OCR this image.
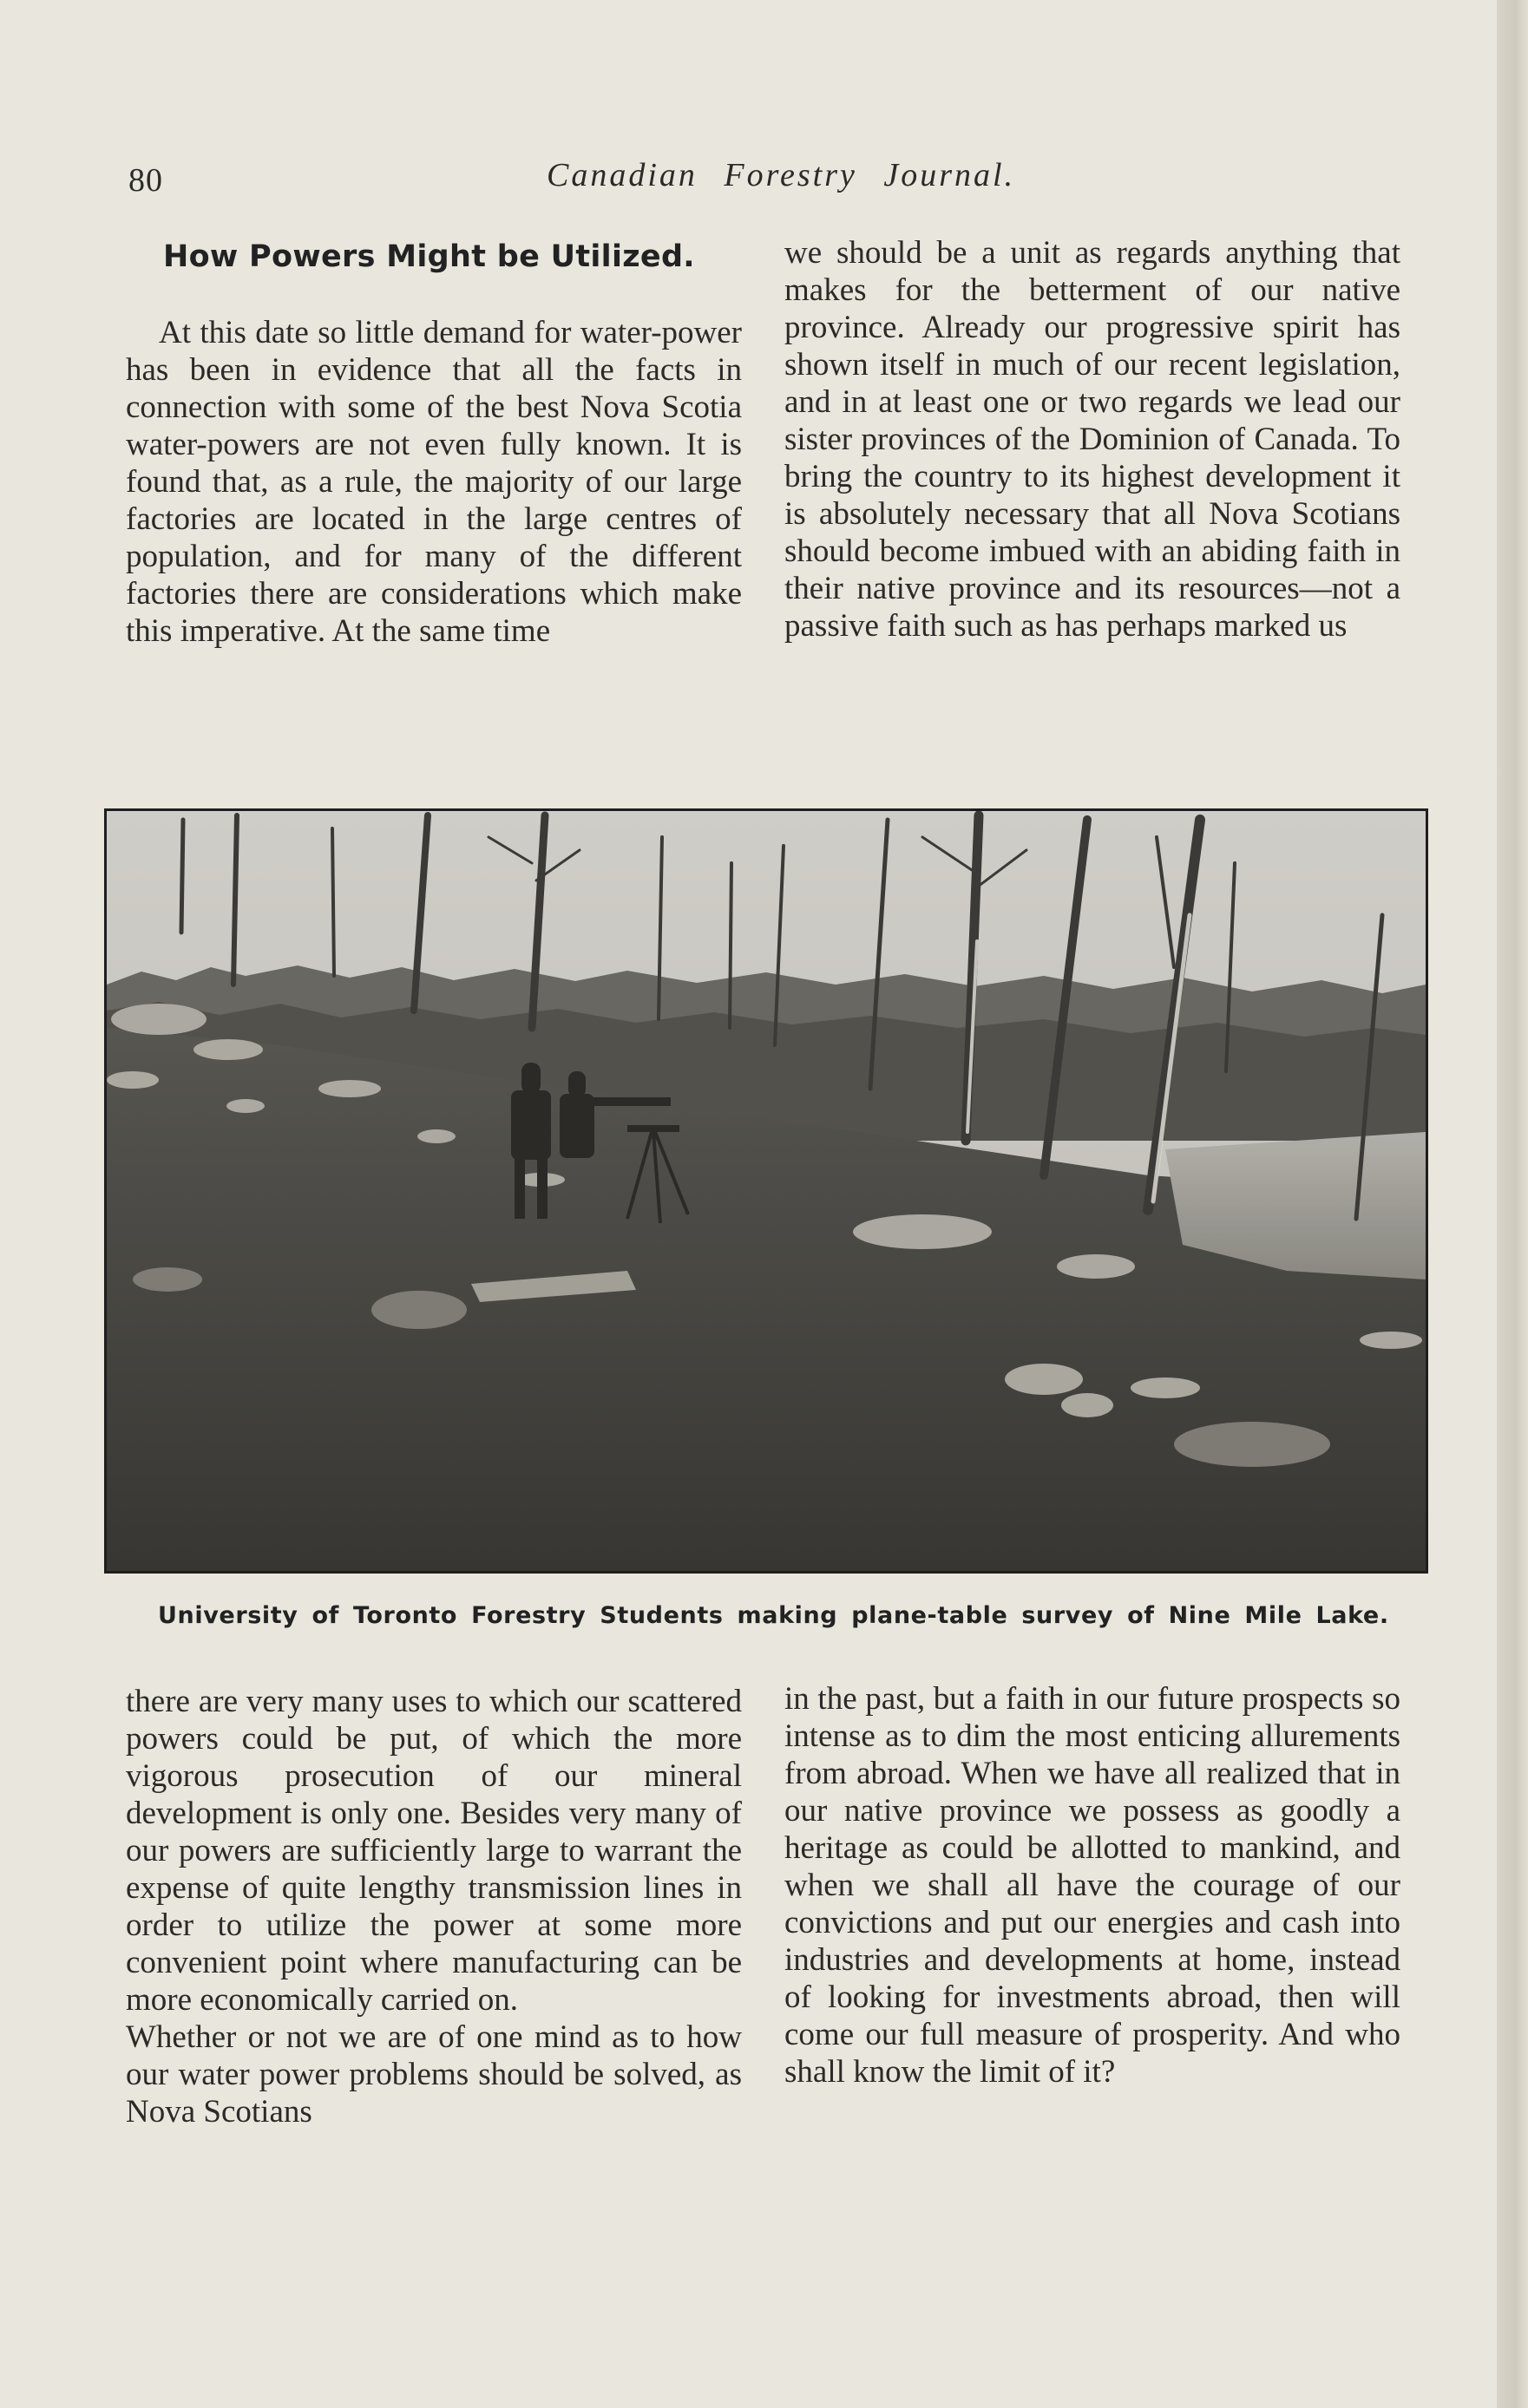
80	Canadian Forestry Journal.
How Powers Might be Utilized.

At this date so little demand for water-power has been in evidence that all the facts in connection with some of the best Nova Scotia water-powers are not even fully known. It is found that, as a rule, the majority of our large factories are located in the large centres of population, and for many of the different factories there are considerations which make this imperative. At the same time

we should be a unit as regards anything that makes for the betterment of our native province. Already our progressive spirit has shown itself in much of our recent legislation, and in at least one or two regards we lead our sister provinces of the Dominion of Canada. To bring the country to its highest development it is absolutely necessary that all Nova Scotians should become imbued with an abiding faith in their native province and its resources—not a passive faith such as has perhaps marked us

University of Toronto Forestry Students making plane-table survey of Nine Mile Lake.

there are very many uses to which our scattered powers could be put, of which the more vigorous prosecution of our mineral development is only one. Besides very many of our powers are sufficiently large to warrant the expense of quite lengthy transmission lines in order to utilize the power at some more convenient point where manufacturing can be more economically carried on.

Whether or not we are of one mind as to how our water power problems should be solved, as Nova Scotians

in the past, but a faith in our future prospects so intense as to dim the most enticing allurements from abroad. When we have all realized that in our native province we possess as goodly a heritage as could be allotted to mankind, and when we shall all have the courage of our convictions and put our energies and cash into industries and developments at home, instead of looking for investments abroad, then will come our full measure of prosperity. And who shall know the limit of it?
